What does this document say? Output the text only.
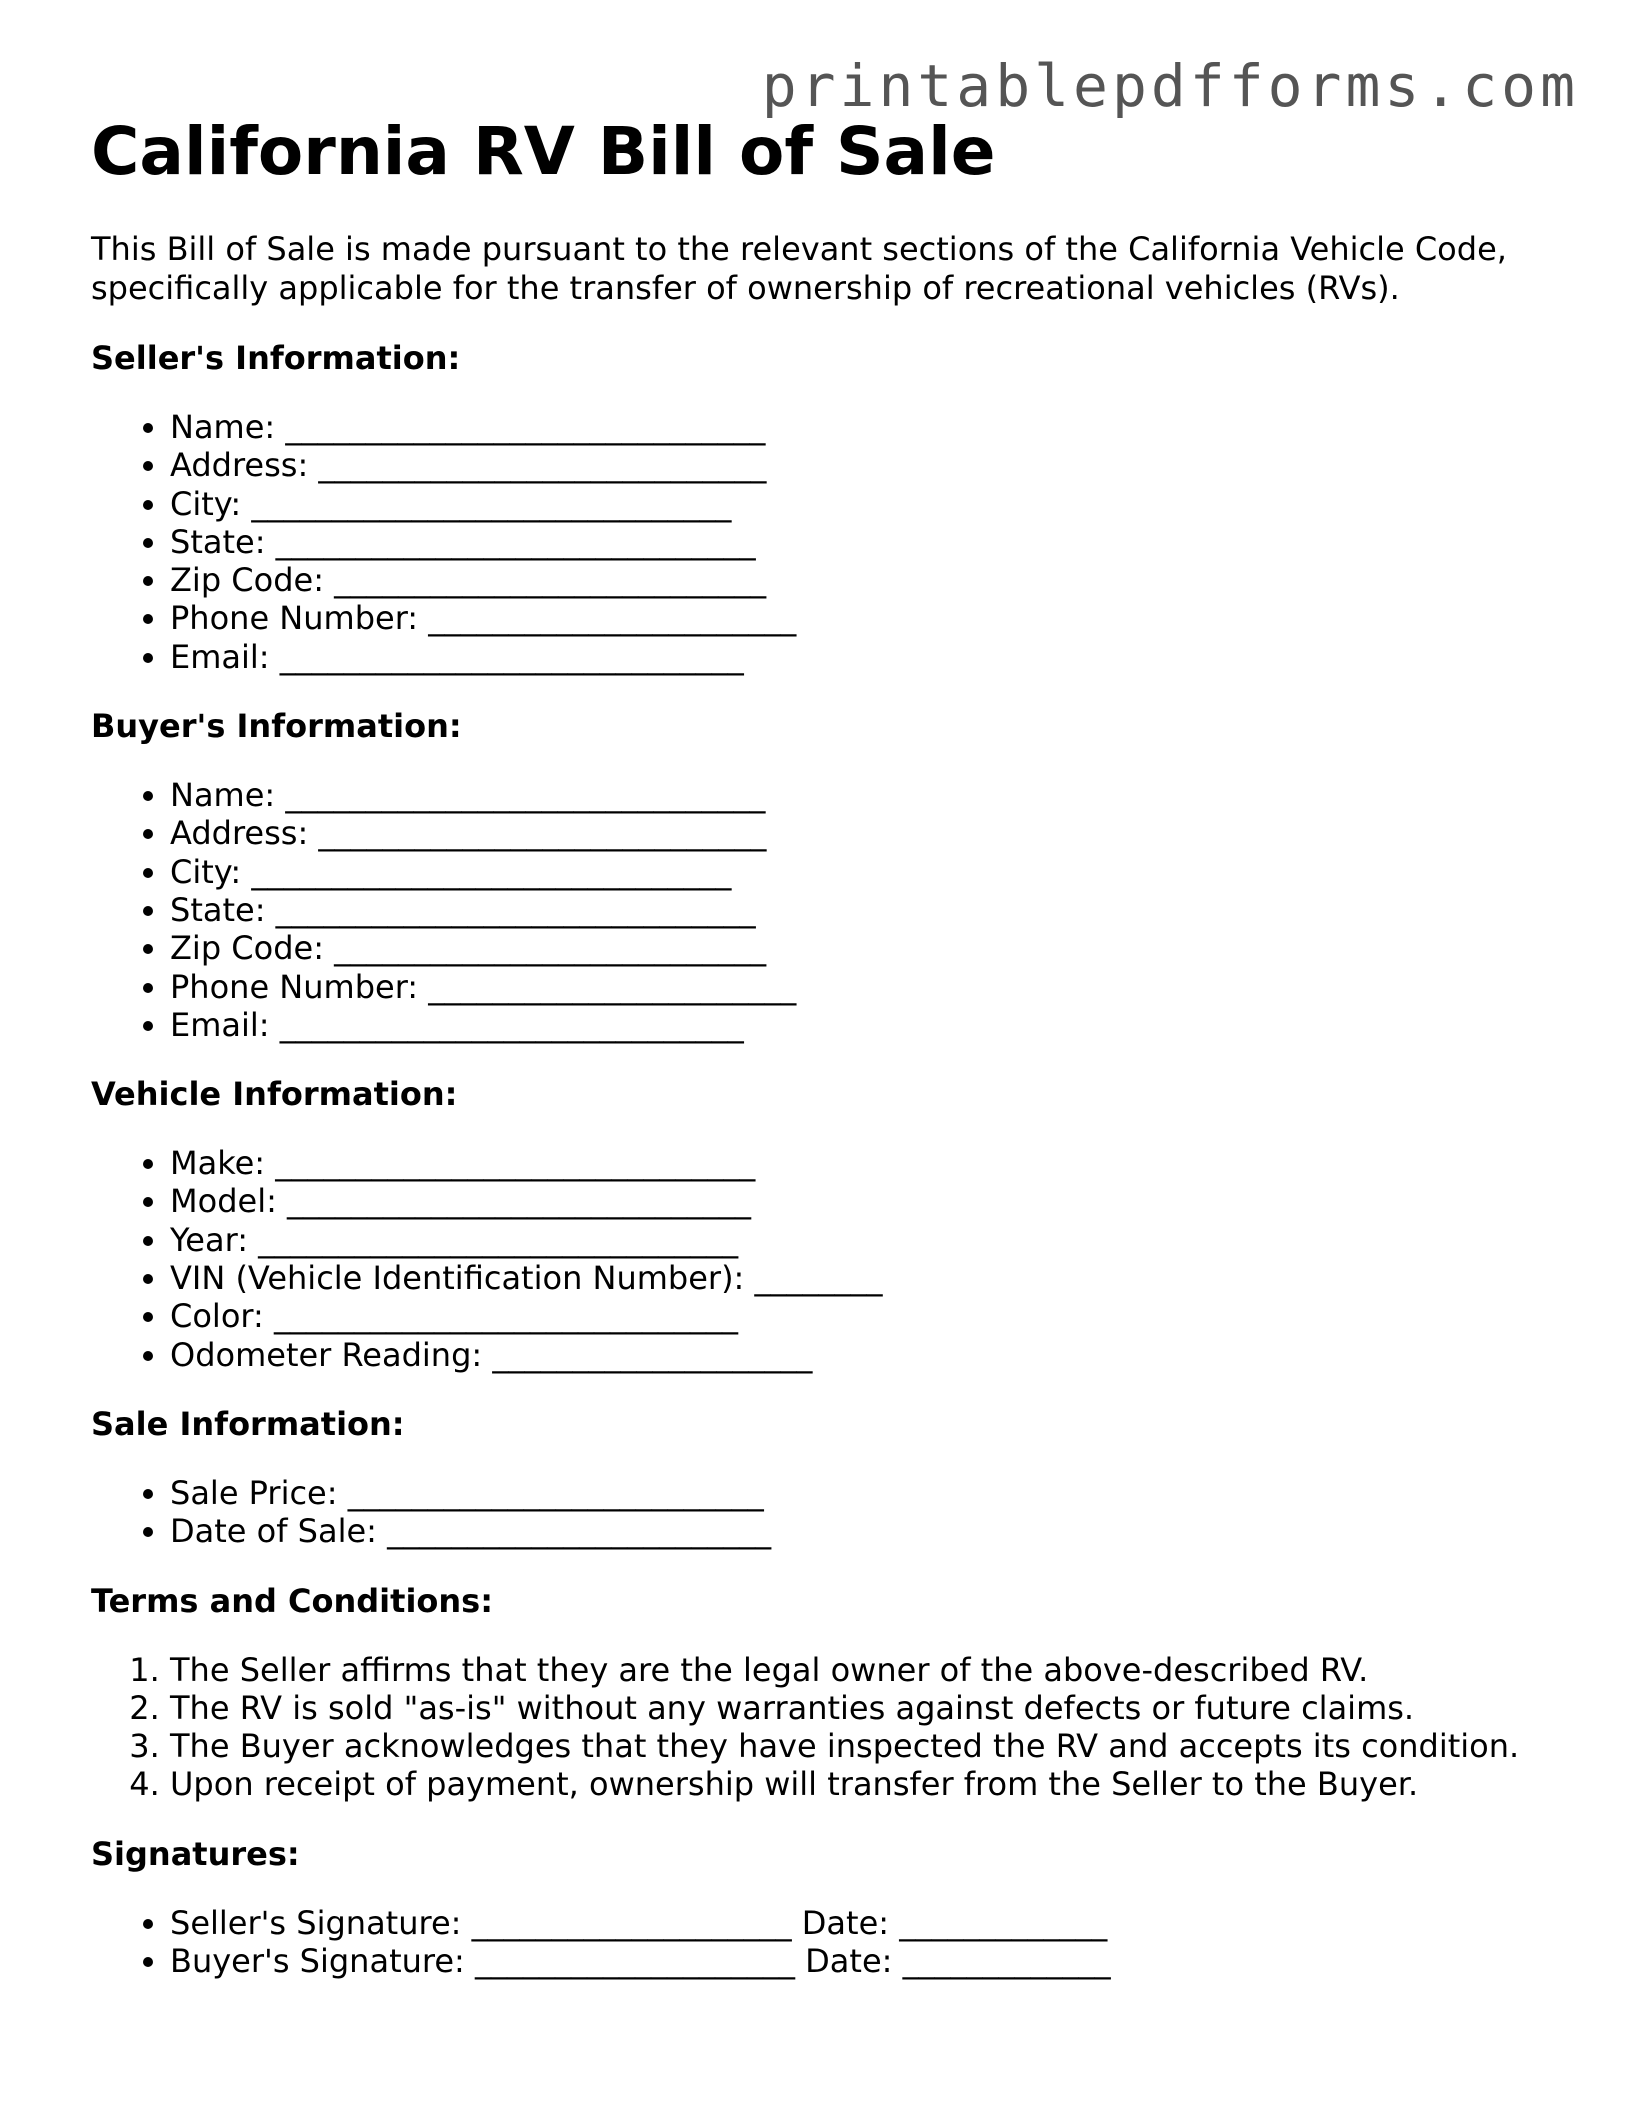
printablepdfforms.com
California RV Bill of Sale

This Bill of Sale is made pursuant to the relevant sections of the California Vehicle Code, specifically applicable for the transfer of ownership of recreational vehicles (RVs).

Seller's Information:
• Name: ______________________________
• Address: ____________________________
• City: ______________________________
• State: ______________________________
• Zip Code: ___________________________
• Phone Number: _______________________
• Email: _____________________________
Buyer's Information:
• Name: ______________________________
• Address: ____________________________
• City: ______________________________
• State: ______________________________
• Zip Code: ___________________________
• Phone Number: _______________________
• Email: _____________________________
Vehicle Information:
• Make: ______________________________
• Model: _____________________________
• Year: ______________________________
• VIN (Vehicle Identification Number): ________
• Color: _____________________________
• Odometer Reading: ____________________
Sale Information:
• Sale Price: __________________________
• Date of Sale: ________________________
Terms and Conditions:
1. The Seller affirms that they are the legal owner of the above-described RV.
2. The RV is sold "as-is" without any warranties against defects or future claims.
3. The Buyer acknowledges that they have inspected the RV and accepts its condition.
4. Upon receipt of payment, ownership will transfer from the Seller to the Buyer.
Signatures:
• Seller's Signature: ____________________ Date: _____________
• Buyer's Signature: ____________________ Date: _____________
